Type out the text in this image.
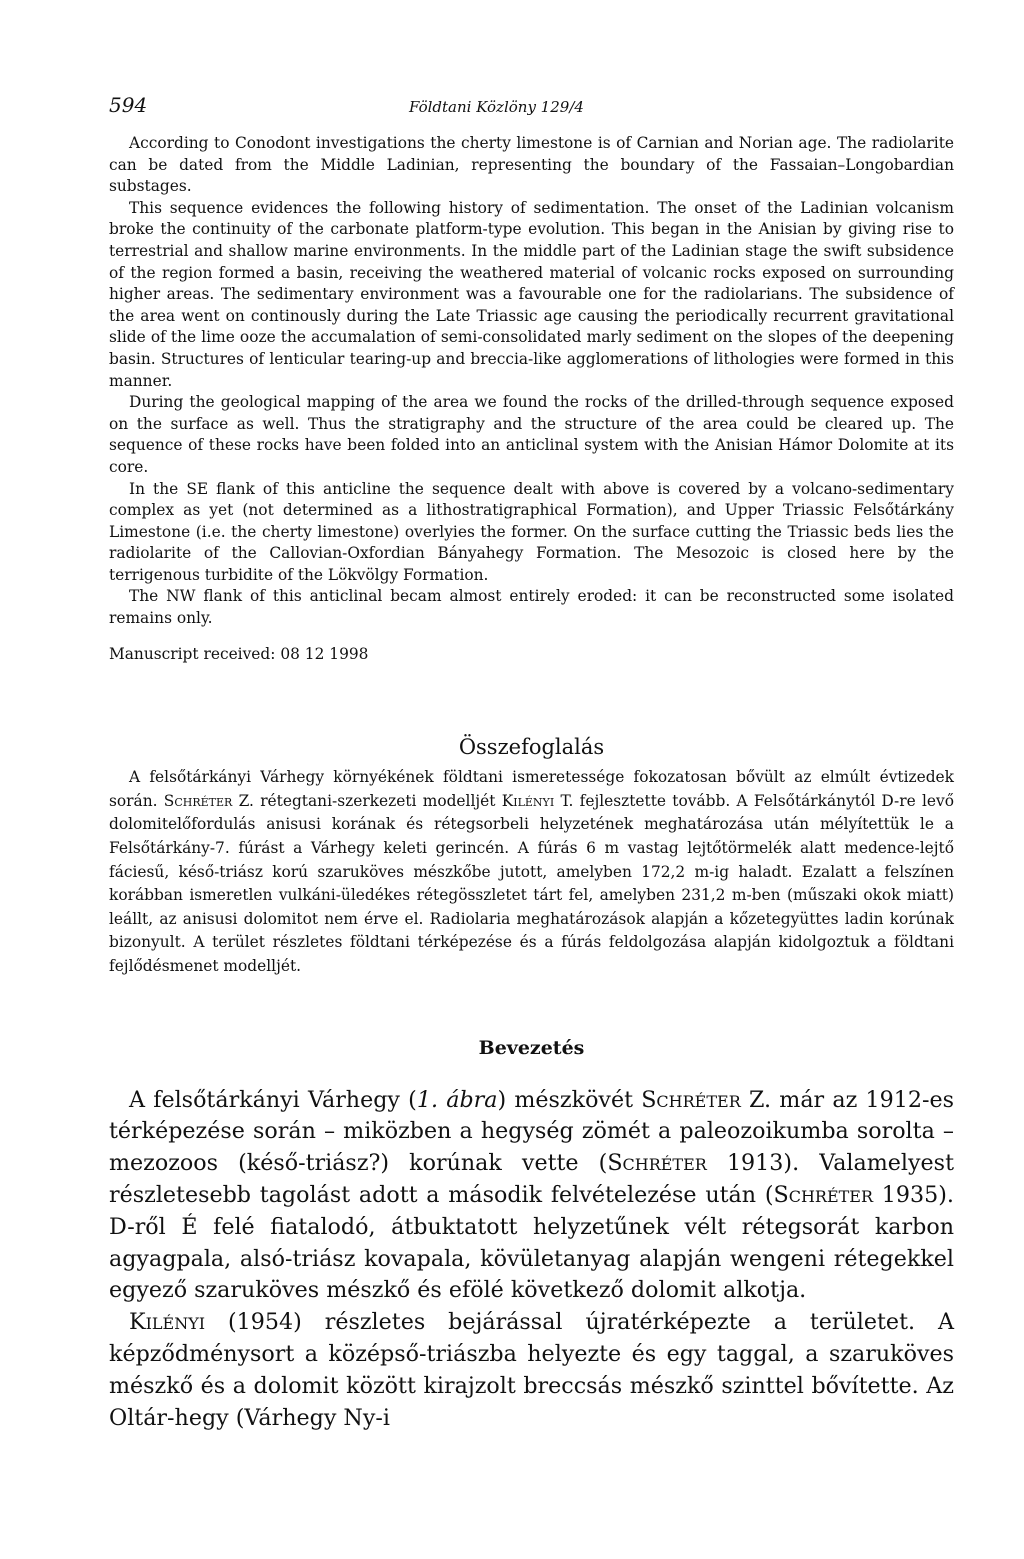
594	Földtani Közlöny 129/4

According to Conodont investigations the cherty limestone is of Carnian and Norian age. The radiolarite can be dated from the Middle Ladinian, representing the boundary of the Fassaian–Longobardian substages.

This sequence evidences the following history of sedimentation. The onset of the Ladinian volcanism broke the continuity of the carbonate platform-type evolution. This began in the Anisian by giving rise to terrestrial and shallow marine environments. In the middle part of the Ladinian stage the swift subsidence of the region formed a basin, receiving the weathered material of volcanic rocks exposed on surrounding higher areas. The sedimentary environment was a favourable one for the radiolarians. The subsidence of the area went on continously during the Late Triassic age causing the periodically recurrent gravitational slide of the lime ooze the accumalation of semi-consolidated marly sediment on the slopes of the deepening basin. Structures of lenticular tearing-up and breccia-like agglomerations of lithologies were formed in this manner.

During the geological mapping of the area we found the rocks of the drilled-through sequence exposed on the surface as well. Thus the stratigraphy and the structure of the area could be cleared up. The sequence of these rocks have been folded into an anticlinal system with the Anisian Hámor Dolomite at its core.

In the SE flank of this anticline the sequence dealt with above is covered by a volcano-sedimentary complex as yet (not determined as a lithostratigraphical Formation), and Upper Triassic Felsőtárkány Limestone (i.e. the cherty limestone) overlyies the former. On the surface cutting the Triassic beds lies the radiolarite of the Callovian-Oxfordian Bányahegy Formation. The Mesozoic is closed here by the terrigenous turbidite of the Lökvölgy Formation.

The NW flank of this anticlinal becam almost entirely eroded: it can be reconstructed some isolated remains only.

Manuscript received: 08 12 1998
Összefoglalás

A felsőtárkányi Várhegy környékének földtani ismeretessége fokozatosan bővült az elmúlt évtizedek során. Schréter Z. rétegtani-szerkezeti modelljét Kilényi T. fejlesztette tovább. A Felsőtárkánytól D-re levő dolomitelőfordulás anisusi korának és rétegsorbeli helyzetének meghatározása után mélyítettük le a Felsőtárkány-7. fúrást a Várhegy keleti gerincén. A fúrás 6 m vastag lejtőtörmelék alatt medence-lejtő fáciesű, késő-triász korú szaruköves mészkőbe jutott, amelyben 172,2 m-ig haladt. Ezalatt a felszínen korábban ismeretlen vulkáni-üledékes rétegösszletet tárt fel, amelyben 231,2 m-ben (műszaki okok miatt) leállt, az anisusi dolomitot nem érve el. Radiolaria meghatározások alapján a kőzetegyüttes ladin korúnak bizonyult. A terület részletes földtani térképezése és a fúrás feldolgozása alapján kidolgoztuk a földtani fejlődésmenet modelljét.

Bevezetés

A felsőtárkányi Várhegy (1. ábra) mészkövét Schréter Z. már az 1912-es térképezése során – miközben a hegység zömét a paleozoikumba sorolta – mezozoos (késő-triász?) korúnak vette (Schréter 1913). Valamelyest részletesebb tagolást adott a második felvételezése után (Schréter 1935). D-ről É felé fiatalodó, átbuktatott helyzetűnek vélt rétegsorát karbon agyagpala, alsó-triász kovapala, kövületanyag alapján wengeni rétegekkel egyező szaruköves mészkő és efölé következő dolomit alkotja.

Kilényi (1954) részletes bejárással újratérképezte a területet. A képződménysort a középső-triászba helyezte és egy taggal, a szaruköves mészkő és a dolomit között kirajzolt breccsás mészkő szinttel bővítette. Az Oltár-hegy (Várhegy Ny-i
